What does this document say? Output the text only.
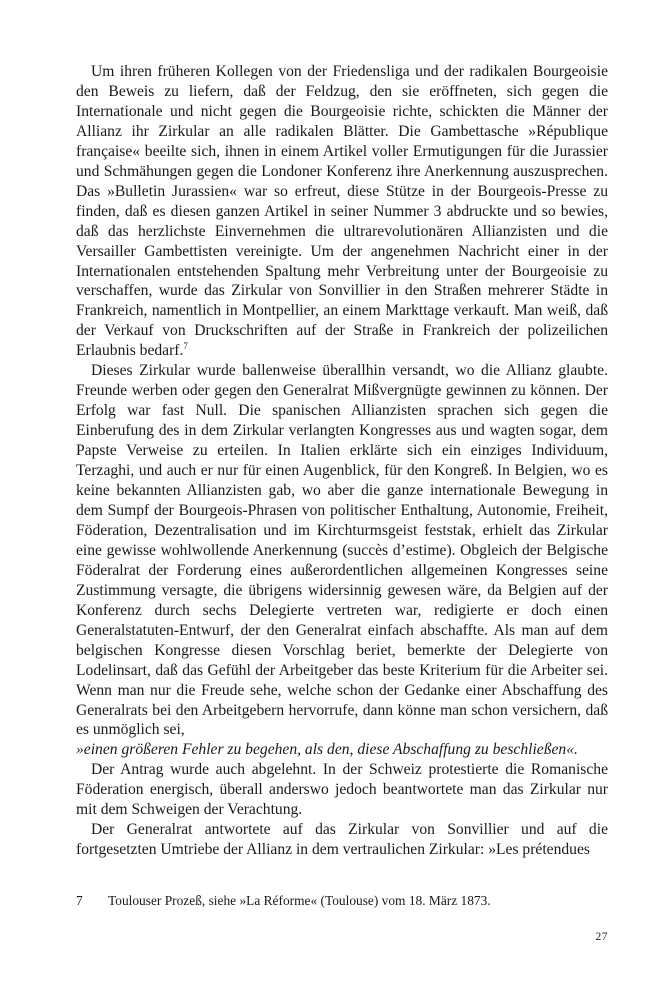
Um ihren früheren Kollegen von der Friedensliga und der radikalen Bourgeoisie den Beweis zu liefern, daß der Feldzug, den sie eröffneten, sich gegen die Internationale und nicht gegen die Bourgeoisie richte, schickten die Männer der Allianz ihr Zirkular an alle radikalen Blätter. Die Gambettasche »République française« beeilte sich, ihnen in einem Artikel voller Ermutigungen für die Jurassier und Schmähungen gegen die Londoner Konferenz ihre Anerkennung auszusprechen. Das »Bulletin Jurassien« war so erfreut, diese Stütze in der Bourgeois-Presse zu finden, daß es diesen ganzen Artikel in seiner Nummer 3 abdruckte und so bewies, daß das herzlichste Einvernehmen die ultrarevolutionären Allianzisten und die Versailler Gambettisten vereinigte. Um der angenehmen Nachricht einer in der Internationalen entstehenden Spaltung mehr Verbreitung unter der Bourgeoisie zu verschaffen, wurde das Zirkular von Sonvillier in den Straßen mehrerer Städte in Frankreich, namentlich in Montpellier, an einem Markttage verkauft. Man weiß, daß der Verkauf von Druckschriften auf der Straße in Frankreich der polizeilichen Erlaubnis bedarf.$^7$

Dieses Zirkular wurde ballenweise überallhin versandt, wo die Allianz glaubte. Freunde werben oder gegen den Generalrat Mißvergnügte gewinnen zu können. Der Erfolg war fast Null. Die spanischen Allianzisten sprachen sich gegen die Einberufung des in dem Zirkular verlangten Kongresses aus und wagten sogar, dem Papste Verweise zu erteilen. In Italien erklärte sich ein einziges Individuum, Terzaghi, und auch er nur für einen Augenblick, für den Kongreß. In Belgien, wo es keine bekannten Allianzisten gab, wo aber die ganze internationale Bewegung in dem Sumpf der Bourgeois-Phrasen von politischer Enthaltung, Autonomie, Freiheit, Föderation, Dezentralisation und im Kirchturmsgeist feststak, erhielt das Zirkular eine gewisse wohlwollende Anerkennung (succès d’estime). Obgleich der Belgische Föderalrat der Forderung eines außerordentlichen allgemeinen Kongresses seine Zustimmung versagte, die übrigens widersinnig gewesen wäre, da Belgien auf der Konferenz durch sechs Delegierte vertreten war, redigierte er doch einen Generalstatuten-Entwurf, der den Generalrat einfach abschaffte. Als man auf dem belgischen Kongresse diesen Vorschlag beriet, bemerkte der Delegierte von Lodelinsart, daß das Gefühl der Arbeitgeber das beste Kriterium für die Arbeiter sei. Wenn man nur die Freude sehe, welche schon der Gedanke einer Abschaffung des Generalrats bei den Arbeitgebern hervorrufe, dann könne man schon versichern, daß es unmöglich sei,

»einen größeren Fehler zu begehen, als den, diese Abschaffung zu beschließen«.

Der Antrag wurde auch abgelehnt. In der Schweiz protestierte die Romanische Föderation energisch, überall anderswo jedoch beantwortete man das Zirkular nur mit dem Schweigen der Verachtung.

Der Generalrat antwortete auf das Zirkular von Sonvillier und auf die fortgesetzten Umtriebe der Allianz in dem vertraulichen Zirkular: »Les prétendues

7 Toulouser Prozeß, siehe »La Réforme« (Toulouse) vom 18. März 1873.
27
